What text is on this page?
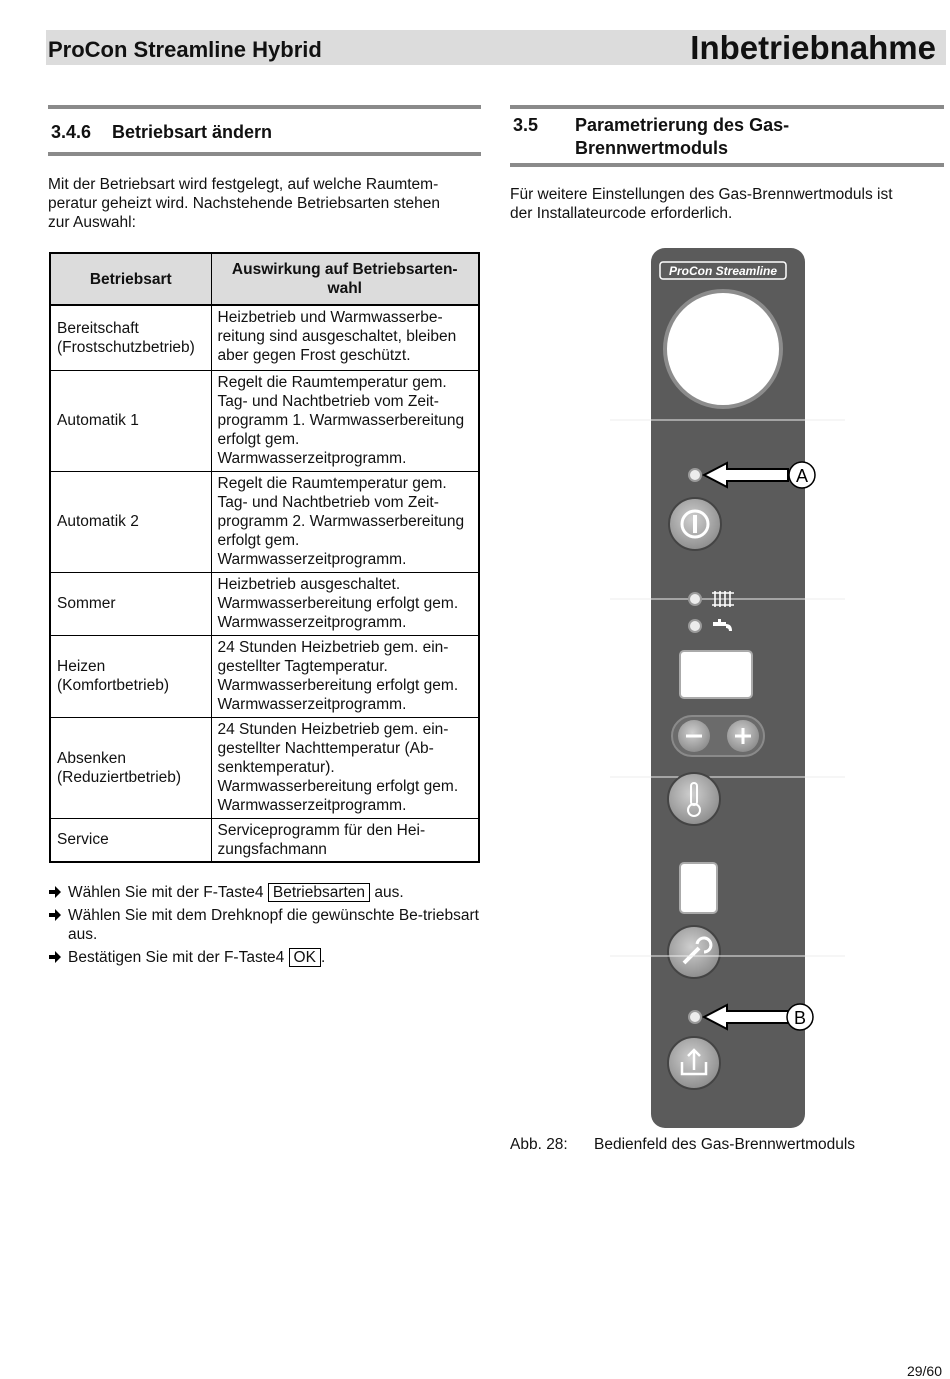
ProCon Streamline Hybrid	Inbetriebnahme
3.4.6 Betriebsart ändern
Mit der Betriebsart wird festgelegt, auf welche Raumtem-
peratur geheizt wird. Nachstehende Betriebsarten stehen
zur Auswahl:
Betriebsart	Auswirkung auf Betriebsarten-wahl
Bereitschaft (Frostschutzbetrieb)	Heizbetrieb und Warmwasserbe-reitung sind ausgeschaltet, bleiben aber gegen Frost geschützt.
Automatik 1	Regelt die Raumtemperatur gem. Tag- und Nachtbetrieb vom Zeit-programm 1. Warmwasserbereitung erfolgt gem. Warmwasserzeitprogramm.
Automatik 2	Regelt die Raumtemperatur gem. Tag- und Nachtbetrieb vom Zeit-programm 2. Warmwasserbereitung erfolgt gem. Warmwasserzeitprogramm.
Sommer	Heizbetrieb ausgeschaltet. Warmwasserbereitung erfolgt gem. Warmwasserzeitprogramm.
Heizen (Komfortbetrieb)	24 Stunden Heizbetrieb gem. ein-gestellter Tagtemperatur. Warmwasserbereitung erfolgt gem. Warmwasserzeitprogramm.
Absenken (Reduziertbetrieb)	24 Stunden Heizbetrieb gem. ein-gestellter Nachttemperatur (Ab-senktemperatur). Warmwasserbereitung erfolgt gem. Warmwasserzeitprogramm.
Service	Serviceprogramm für den Hei-zungsfachmann
Wählen Sie mit der F-Taste4 Betriebsarten aus.
Wählen Sie mit dem Drehknopf die gewünschte Be-triebsart aus.
Bestätigen Sie mit der F-Taste4 OK .
3.5 Parametrierung des Gas-
Brennwertmoduls
Für weitere Einstellungen des Gas-Brennwertmoduls ist
der Installateurcode erforderlich.
ProCon Streamline
A
B
Abb. 28: Bedienfeld des Gas-Brennwertmoduls
29/60
